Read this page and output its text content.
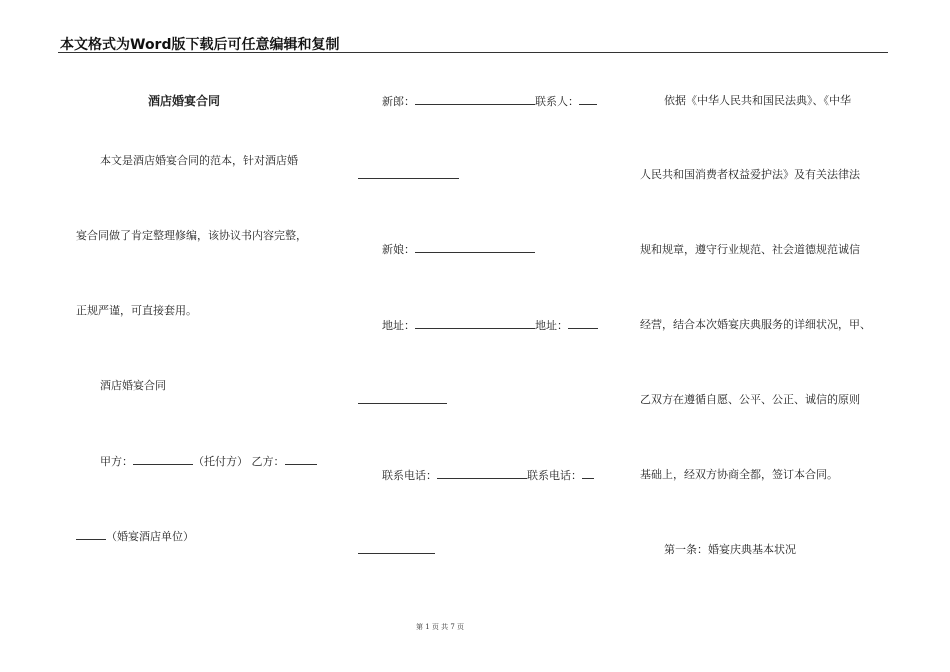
本文格式为Word版下载后可任意编辑和复制
酒店婚宴合同
本文是酒店婚宴合同的范本，针对酒店婚
宴合同做了肯定整理修编，该协议书内容完整，
正规严谨，可直接套用。
酒店婚宴合同
甲方：	（托付方） 乙方：
（婚宴酒店单位）
新郎：	联系人：
新娘：
地址：	地址：
联系电话：	联系电话：
依据《中华人民共和国民法典》、《中华
人民共和国消费者权益爱护法》及有关法律法
规和规章，遵守行业规范、社会道德规范诚信
经营，结合本次婚宴庆典服务的详细状况，甲、
乙双方在遵循自愿、公平、公正、诚信的原则
基础上，经双方协商全都，签订本合同。
第一条：婚宴庆典基本状况
第 1 页 共 7 页
